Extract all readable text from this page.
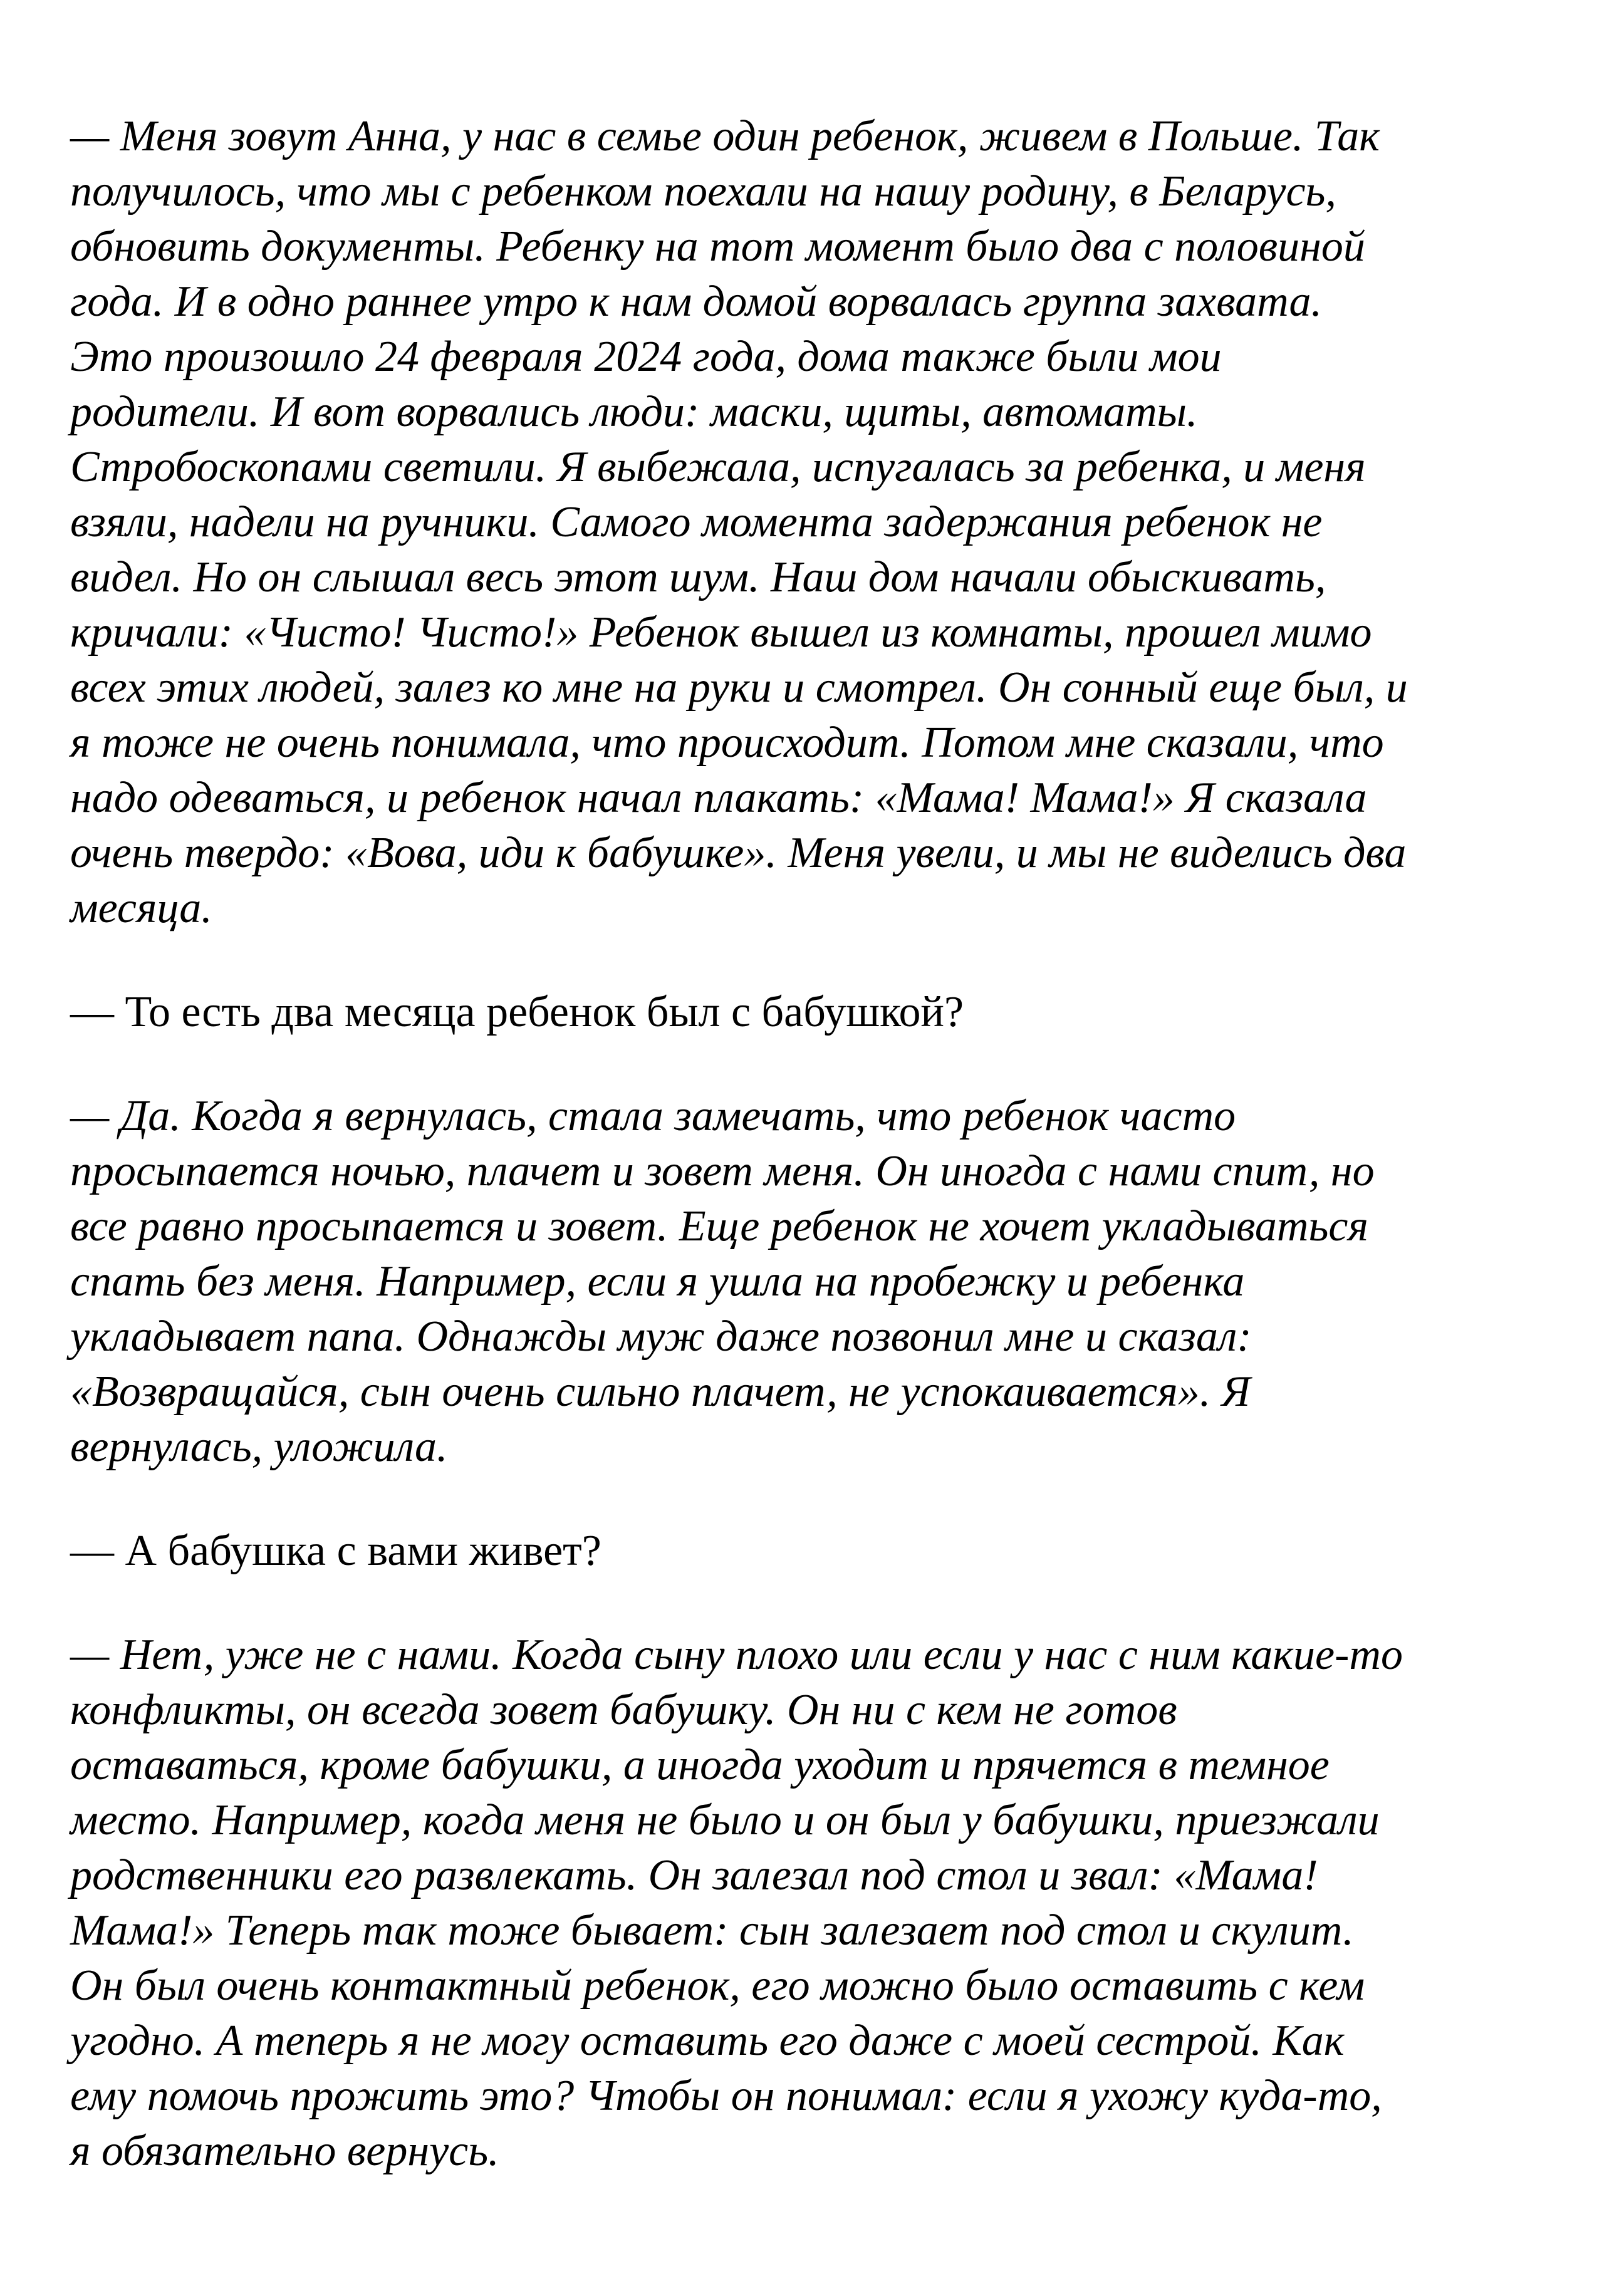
— Меня зовут Анна, у нас в семье один ребенок, живем в Польше. Так
получилось, что мы с ребенком поехали на нашу родину, в Беларусь,
обновить документы. Ребенку на тот момент было два с половиной
года. И в одно раннее утро к нам домой ворвалась группа захвата.
Это произошло 24 февраля 2024 года, дома также были мои
родители. И вот ворвались люди: маски, щиты, автоматы.
Стробоскопами светили. Я выбежала, испугалась за ребенка, и меня
взяли, надели на ручники. Самого момента задержания ребенок не
видел. Но он слышал весь этот шум. Наш дом начали обыскивать,
кричали: «Чисто! Чисто!» Ребенок вышел из комнаты, прошел мимо
всех этих людей, залез ко мне на руки и смотрел. Он сонный еще был, и
я тоже не очень понимала, что происходит. Потом мне сказали, что
надо одеваться, и ребенок начал плакать: «Мама! Мама!» Я сказала
очень твердо: «Вова, иди к бабушке». Меня увели, и мы не виделись два
месяца.

— То есть два месяца ребенок был с бабушкой?

— Да. Когда я вернулась, стала замечать, что ребенок часто
просыпается ночью, плачет и зовет меня. Он иногда с нами спит, но
все равно просыпается и зовет. Еще ребенок не хочет укладываться
спать без меня. Например, если я ушла на пробежку и ребенка
укладывает папа. Однажды муж даже позвонил мне и сказал:
«Возвращайся, сын очень сильно плачет, не успокаивается». Я
вернулась, уложила.

— А бабушка с вами живет?

— Нет, уже не с нами. Когда сыну плохо или если у нас с ним какие-то
конфликты, он всегда зовет бабушку. Он ни с кем не готов
оставаться, кроме бабушки, а иногда уходит и прячется в темное
место. Например, когда меня не было и он был у бабушки, приезжали
родственники его развлекать. Он залезал под стол и звал: «Мама!
Мама!» Теперь так тоже бывает: сын залезает под стол и скулит.
Он был очень контактный ребенок, его можно было оставить с кем
угодно. А теперь я не могу оставить его даже с моей сестрой. Как
ему помочь прожить это? Чтобы он понимал: если я ухожу куда-то,
я обязательно вернусь.
